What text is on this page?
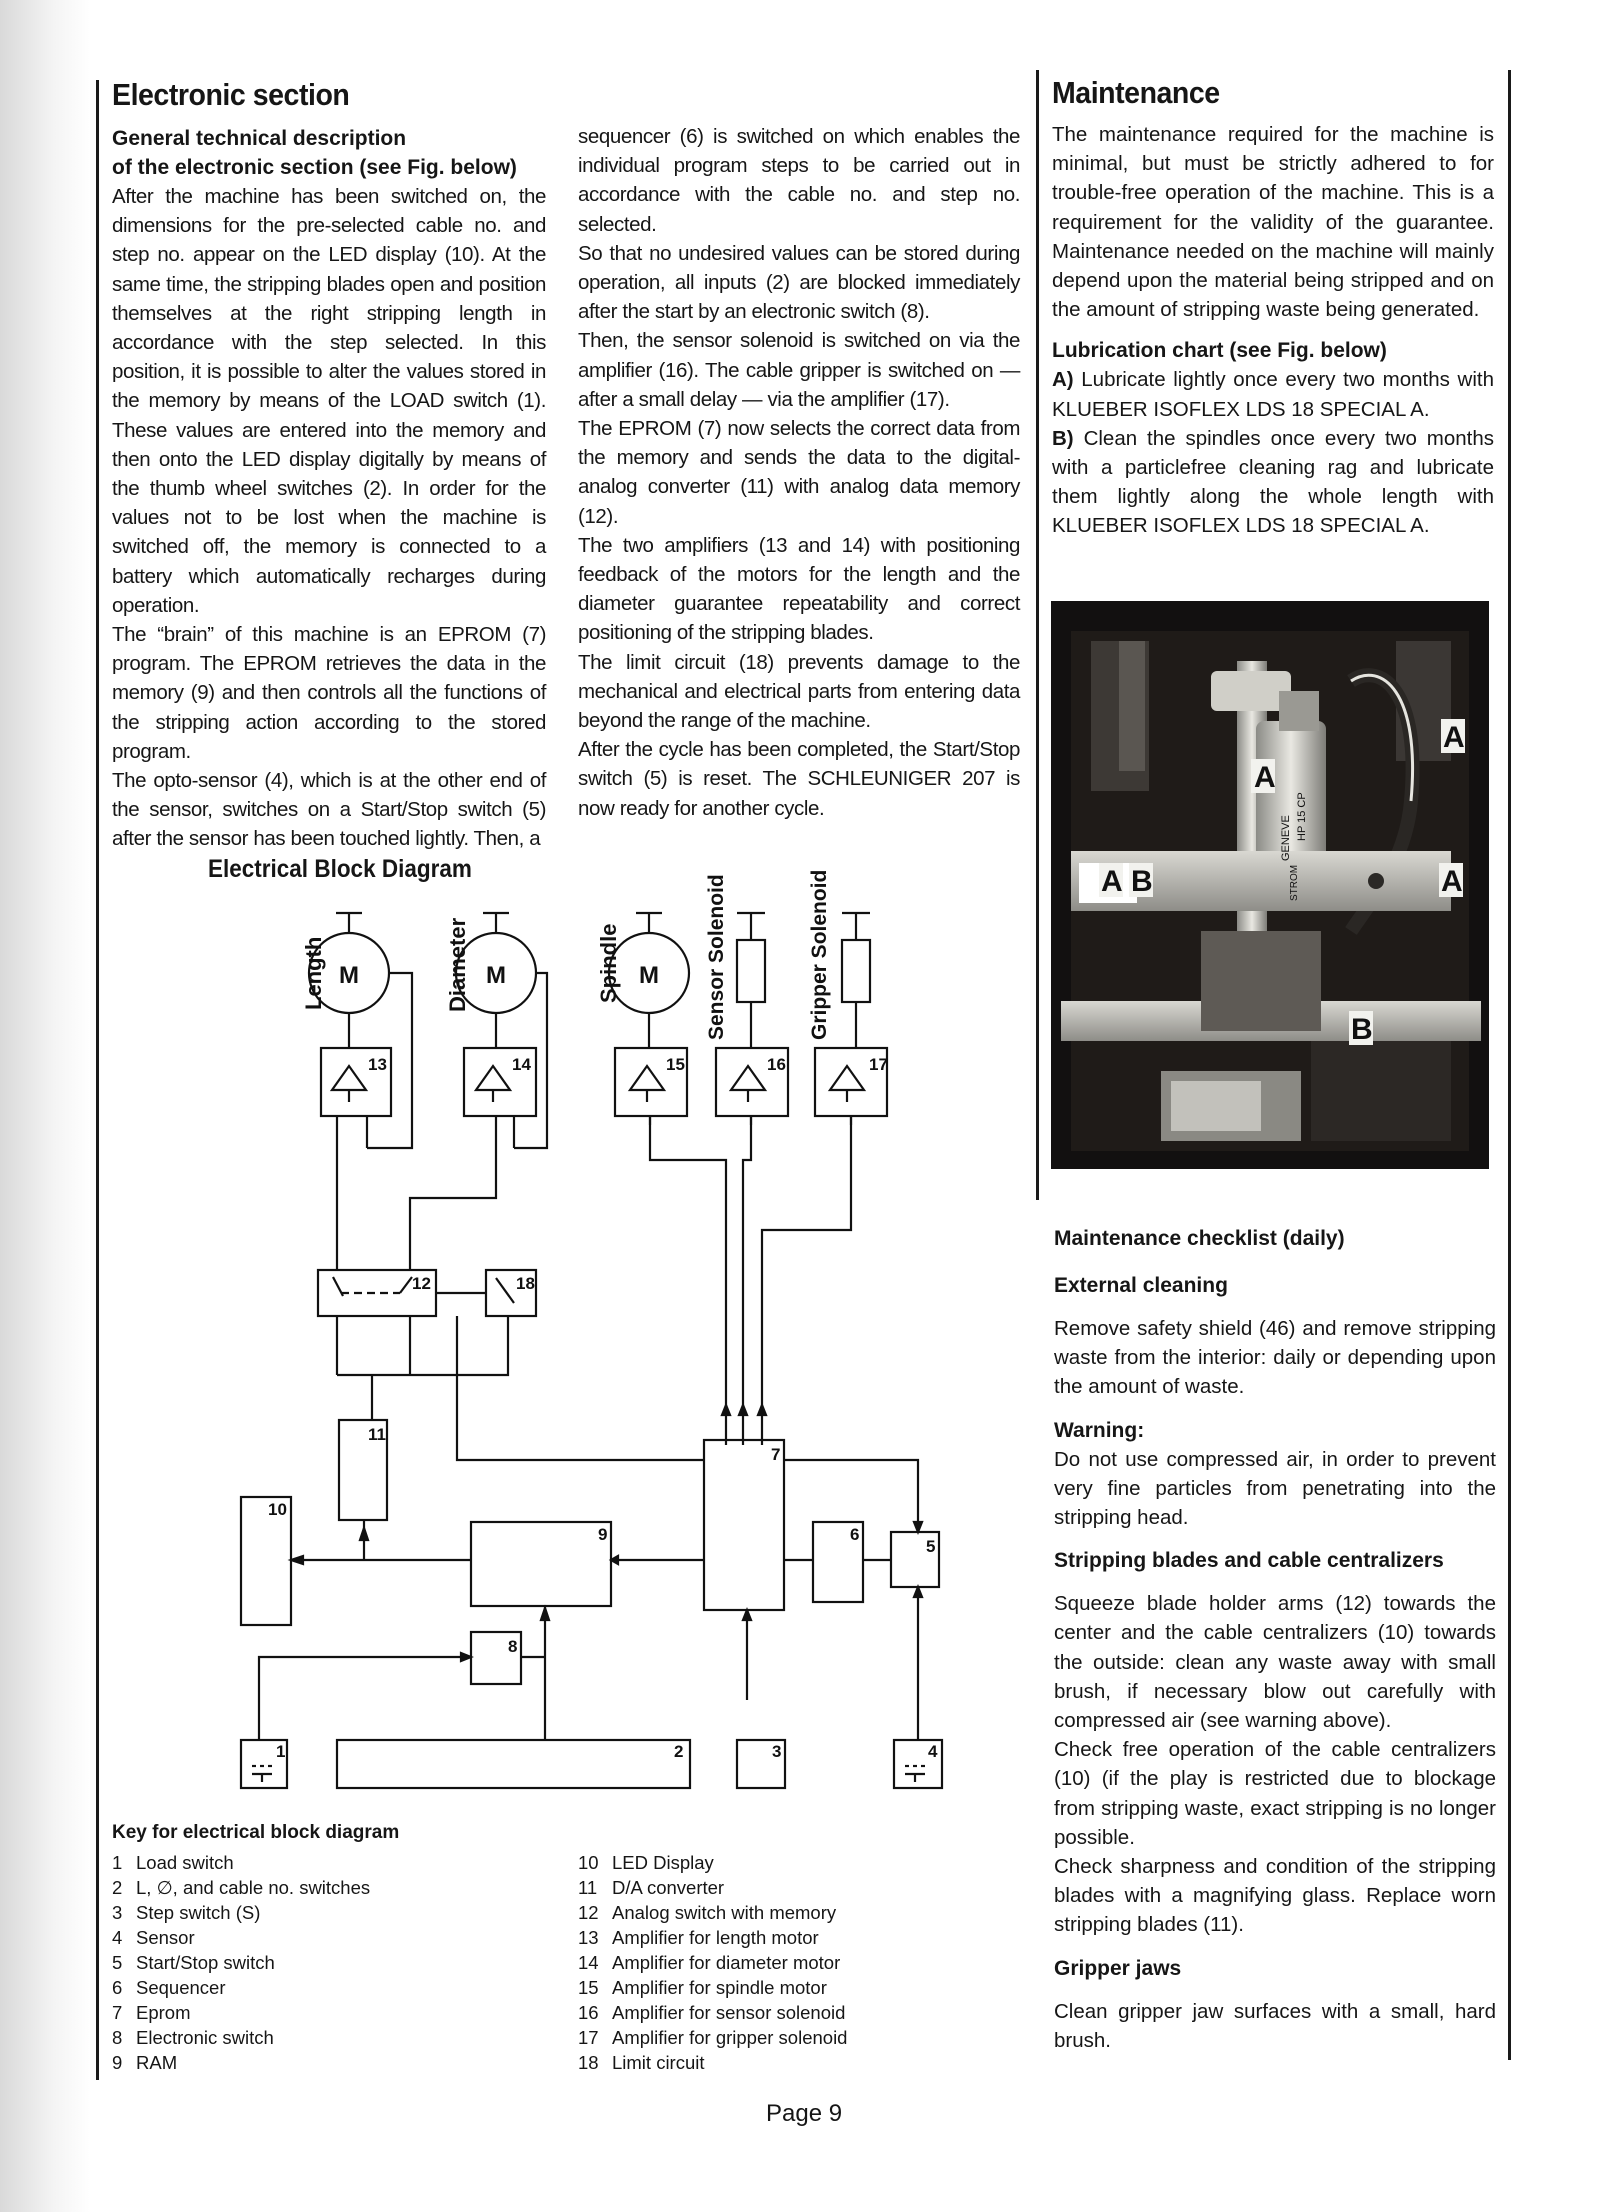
Electronic section

General technical description

of the electronic section (see Fig. below)

After the machine has been switched on, the dimensions for the pre-selected cable no. and step no. appear on the LED display (10). At the same time, the stripping blades open and position themselves at the right stripping length in accordance with the step selected. In this position, it is possible to alter the values stored in the memory by means of the LOAD switch (1). These values are entered into the memory and then onto the LED display digitally by means of the thumb wheel switches (2). In order for the values not to be lost when the machine is switched off, the memory is connected to a battery which automatically recharges during operation.

The “brain” of this machine is an EPROM (7) program. The EPROM retrieves the data in the memory (9) and then controls all the functions of the stripping action according to the stored program.

The opto-sensor (4), which is at the other end of the sensor, switches on a Start/Stop switch (5) after the sensor has been touched lightly. Then, a

sequencer (6) is switched on which enables the individual program steps to be carried out in accordance with the cable no. and step no. selected.

So that no undesired values can be stored during operation, all inputs (2) are blocked immediately after the start by an electronic switch (8).

Then, the sensor solenoid is switched on via the amplifier (16). The cable gripper is switched on — after a small delay — via the amplifier (17).

The EPROM (7) now selects the correct data from the memory and sends the data to the digital-analog converter (11) with analog data memory (12).

The two amplifiers (13 and 14) with positioning feedback of the motors for the length and the diameter guarantee repeatability and correct positioning of the stripping blades.

The limit circuit (18) prevents damage to the mechanical and electrical parts from entering data beyond the range of the machine.

After the cycle has been completed, the Start/Stop switch (5) is reset. The SCHLEUNIGER 207 is now ready for another cycle.

Electrical Block Diagram
M
Length	M
Diameter	M
Spindle	Sensor Solenoid	Gripper Solenoid
13	14	15	16	17
12	18
11
10
9
7
6
5
8
1	2	3	4
Key for electrical block diagram
1 Load switch
2 L, ∅, and cable no. switches
3 Step switch (S)
4 Sensor
5 Start/Stop switch
6 Sequencer
7 Eprom
8 Electronic switch
9 RAM
10 LED Display
11 D/A converter
12 Analog switch with memory
13 Amplifier for length motor
14 Amplifier for diameter motor
15 Amplifier for spindle motor
16 Amplifier for sensor solenoid
17 Amplifier for gripper solenoid
18 Limit circuit
Maintenance

The maintenance required for the machine is minimal, but must be strictly adhered to for trouble-free operation of the machine. This is a requirement for the validity of the guarantee. Maintenance needed on the machine will mainly depend upon the material being stripped and on the amount of stripping waste being generated.

Lubrication chart (see Fig. below)

A) Lubricate lightly once every two months with KLUEBER ISOFLEX LDS 18 SPECIAL A.

B) Clean the spindles once every two months with a particlefree cleaning rag and lubricate them lightly along the whole length with KLUEBER ISOFLEX LDS 18 SPECIAL A.

GENEVE HP 15 CP
STROM
A
A B	A
A
B

Maintenance checklist (daily)

External cleaning

Remove safety shield (46) and remove stripping waste from the interior: daily or depending upon the amount of waste.

Warning:

Do not use compressed air, in order to prevent very fine particles from penetrating into the stripping head.

Stripping blades and cable centralizers

Squeeze blade holder arms (12) towards the center and the cable centralizers (10) towards the outside: clean any waste away with small brush, if necessary blow out carefully with compressed air (see warning above).

Check free operation of the cable centralizers (10) (if the play is restricted due to blockage from stripping waste, exact stripping is no longer possible.

Check sharpness and condition of the stripping blades with a magnifying glass. Replace worn stripping blades (11).

Gripper jaws

Clean gripper jaw surfaces with a small, hard brush.

Page 9
